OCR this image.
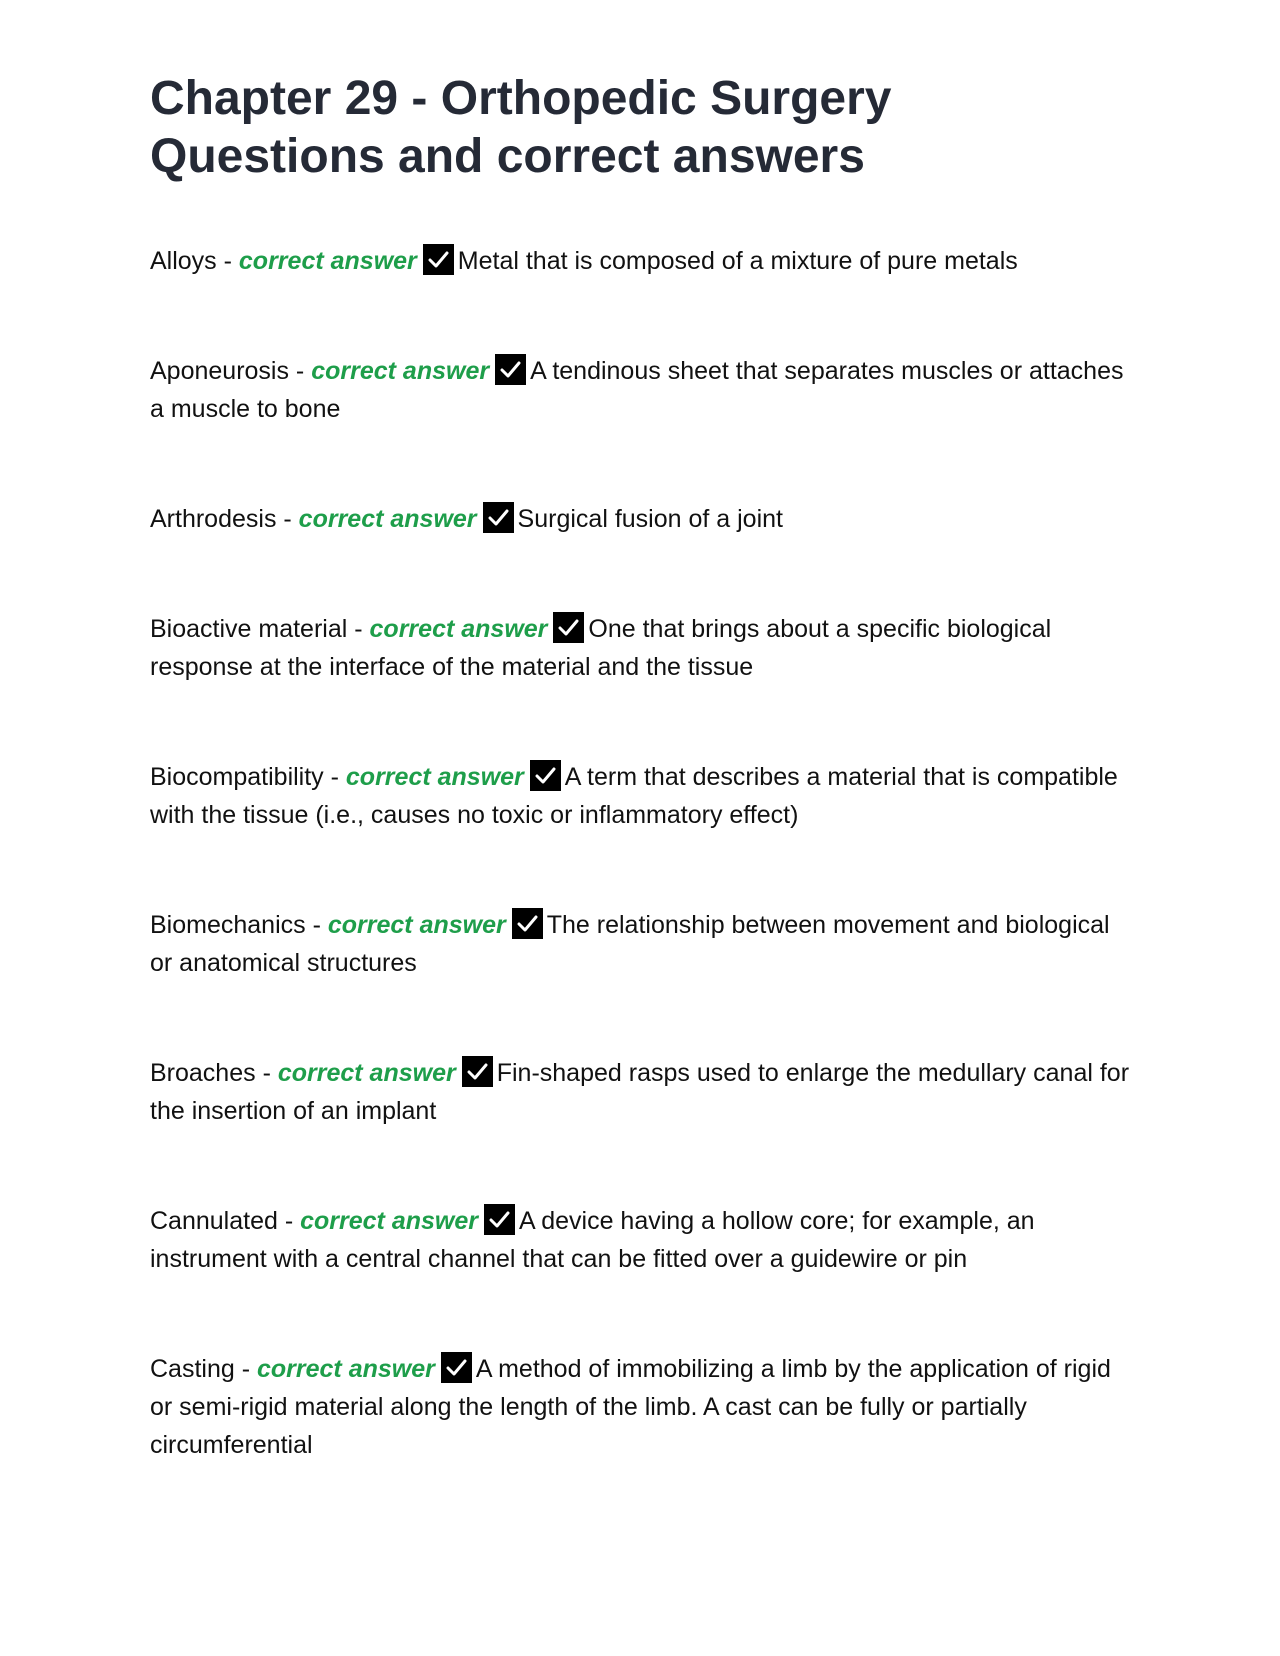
Chapter 29 - Orthopedic Surgery
Questions and correct answers

Alloys - correct answer Metal that is composed of a mixture of pure metals

Aponeurosis - correct answer A tendinous sheet that separates muscles or attaches a muscle to bone

Arthrodesis - correct answer Surgical fusion of a joint

Bioactive material - correct answer One that brings about a specific biological response at the interface of the material and the tissue

Biocompatibility - correct answer A term that describes a material that is compatible with the tissue (i.e., causes no toxic or inflammatory effect)

Biomechanics - correct answer The relationship between movement and biological or anatomical structures

Broaches - correct answer Fin-shaped rasps used to enlarge the medullary canal for the insertion of an implant

Cannulated - correct answer A device having a hollow core; for example, an instrument with a central channel that can be fitted over a guidewire or pin

Casting - correct answer A method of immobilizing a limb by the application of rigid or semi-rigid material along the length of the limb. A cast can be fully or partially circumferential
